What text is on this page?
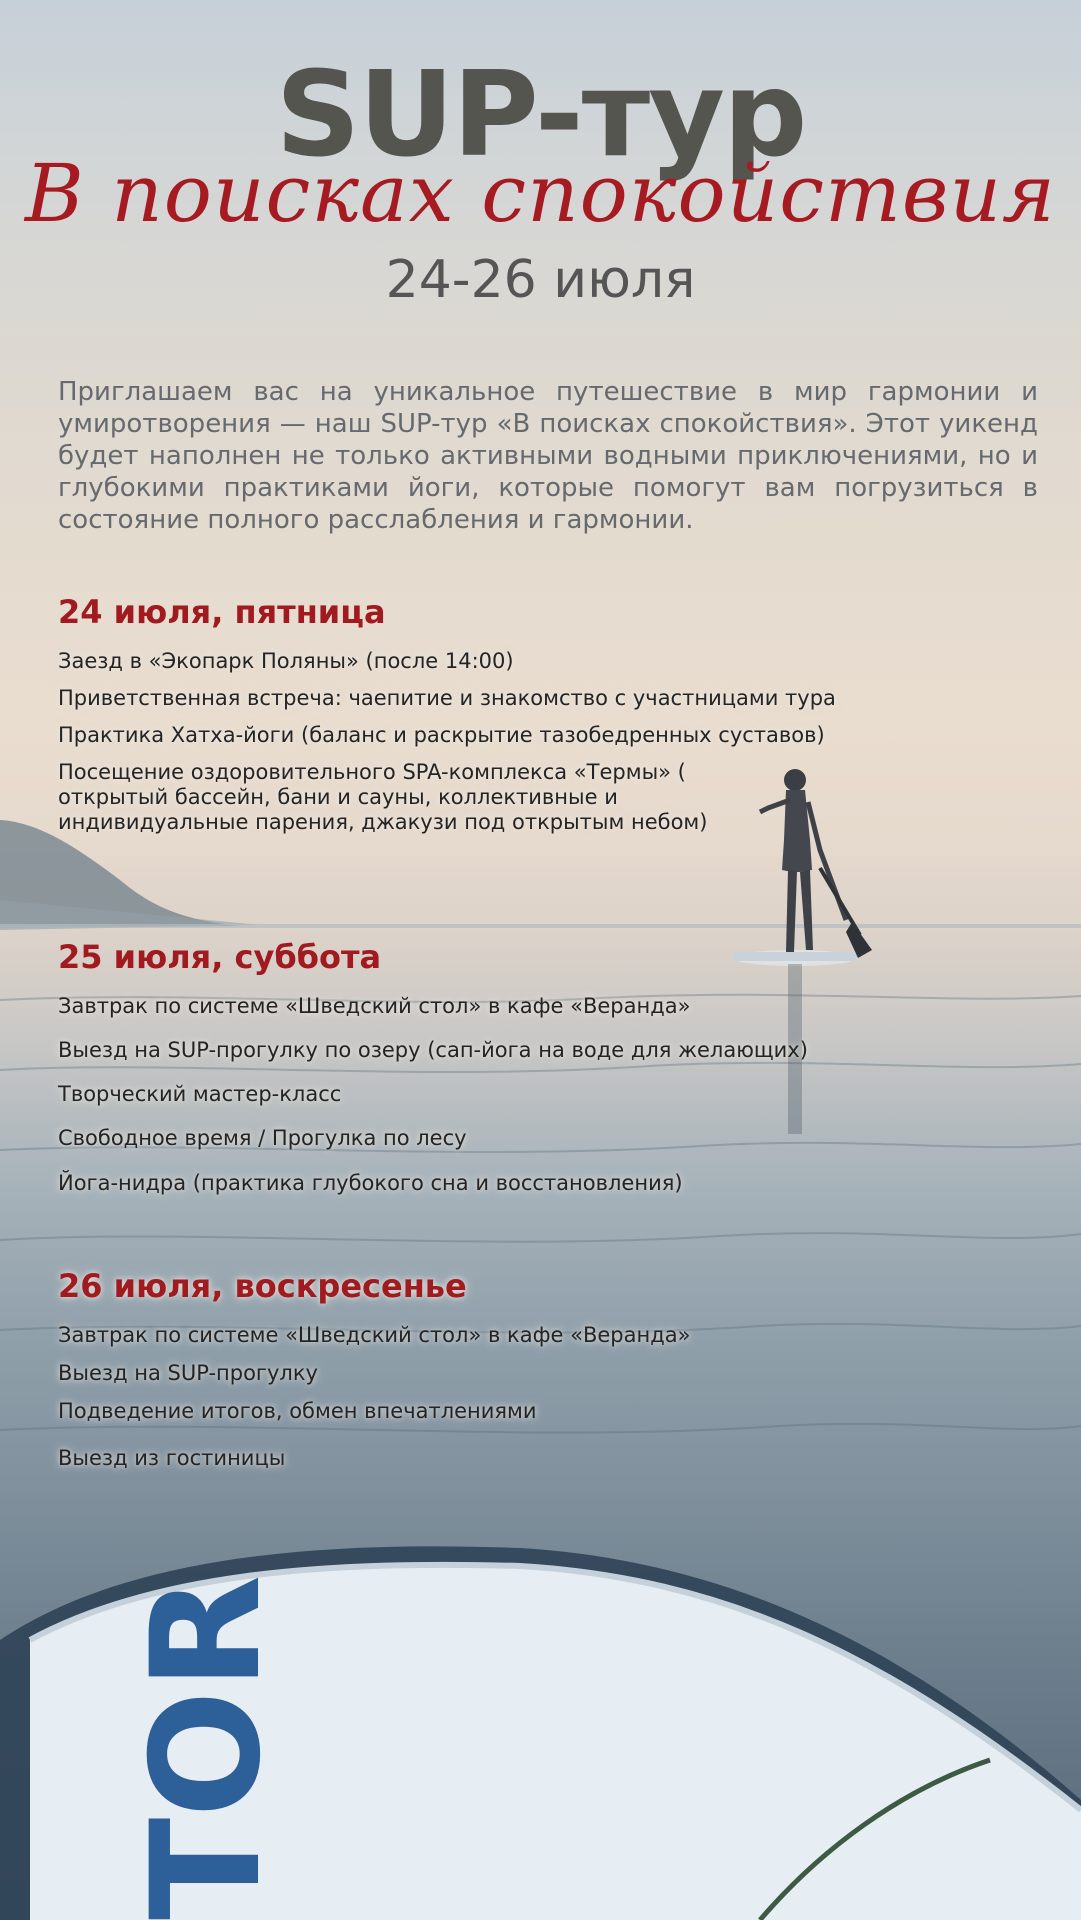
TOR
SUP-тур
В поисках спокойствия
24-26 июля
Приглашаем вас на уникальное путешествие в мир гармонии и умиротворения — наш SUP-тур «В поисках спокойствия». Этот уикенд будет наполнен не только активными водными приключениями, но и глубокими практиками йоги, которые помогут вам погрузиться в состояние полного расслабления и гармонии.
24 июля, пятница
Заезд в «Экопарк Поляны» (после 14:00)
Приветственная встреча: чаепитие и знакомство с участницами тура
Практика Хатха-йоги (баланс и раскрытие тазобедренных суставов)
Посещение оздоровительного SPA-комплекса «Термы» ( открытый бассейн, бани и сауны, коллективные и индивидуальные парения, джакузи под открытым небом)
25 июля, суббота
Завтрак по системе «Шведский стол» в кафе «Веранда»
Выезд на SUP-прогулку по озеру (сап-йога на воде для желающих)
Творческий мастер-класс
Свободное время / Прогулка по лесу
Йога-нидра (практика глубокого сна и восстановления)
26 июля, воскресенье
Завтрак по системе «Шведский стол» в кафе «Веранда»
Выезд на SUP-прогулку
Подведение итогов, обмен впечатлениями
Выезд из гостиницы
